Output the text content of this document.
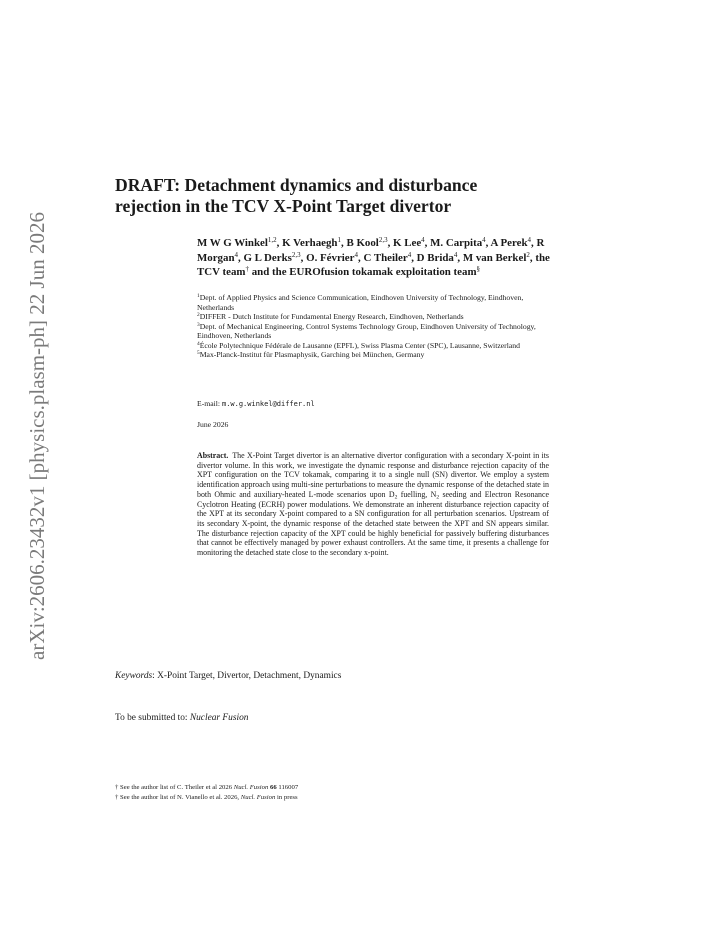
arXiv:2606.23432v1 [physics.plasm-ph] 22 Jun 2026
DRAFT: Detachment dynamics and disturbance
rejection in the TCV X-Point Target divertor
M W G Winkel$^{1,2}$, K Verhaegh$^1$, B Kool$^{2,3}$, K Lee$^4$, M. Carpita$^4$, A Perek$^4$, R Morgan$^4$, G L Derks$^{2,3}$, O. Février$^4$, C Theiler$^4$, D Brida$^4$, M van Berkel$^2$, the TCV team† and the EUROfusion tokamak exploitation team§
$^1$Dept. of Applied Physics and Science Communication, Eindhoven University of Technology, Eindhoven, Netherlands
$^2$DIFFER - Dutch Institute for Fundamental Energy Research, Eindhoven, Netherlands
$^3$Dept. of Mechanical Engineering, Control Systems Technology Group, Eindhoven University of Technology, Eindhoven, Netherlands
$^4$École Polytechnique Fédérale de Lausanne (EPFL), Swiss Plasma Center (SPC), Lausanne, Switzerland
$^5$Max-Planck-Institut für Plasmaphysik, Garching bei München, Germany
E-mail: m.w.g.winkel@differ.nl
June 2026
Abstract. The X-Point Target divertor is an alternative divertor configuration with a secondary X-point in its divertor volume. In this work, we investigate the dynamic response and disturbance rejection capacity of the XPT configuration on the TCV tokamak, comparing it to a single null (SN) divertor. We employ a system identification approach using multi-sine perturbations to measure the dynamic response of the detached state in both Ohmic and auxiliary-heated L-mode scenarios upon $D_2$ fuelling, $N_2$ seeding and Electron Resonance Cyclotron Heating (ECRH) power modulations. We demonstrate an inherent disturbance rejection capacity of the XPT at its secondary X-point compared to a SN configuration for all perturbation scenarios. Upstream of its secondary X-point, the dynamic response of the detached state between the XPT and SN appears similar. The disturbance rejection capacity of the XPT could be highly beneficial for passively buffering disturbances that cannot be effectively managed by power exhaust controllers. At the same time, it presents a challenge for monitoring the detached state close to the secondary x-point.
Keywords: X-Point Target, Divertor, Detachment, Dynamics
To be submitted to: Nuclear Fusion
† See the author list of C. Theiler et al 2026 Nucl. Fusion 66 116007
† See the author list of N. Vianello et al. 2026, Nucl. Fusion in press
